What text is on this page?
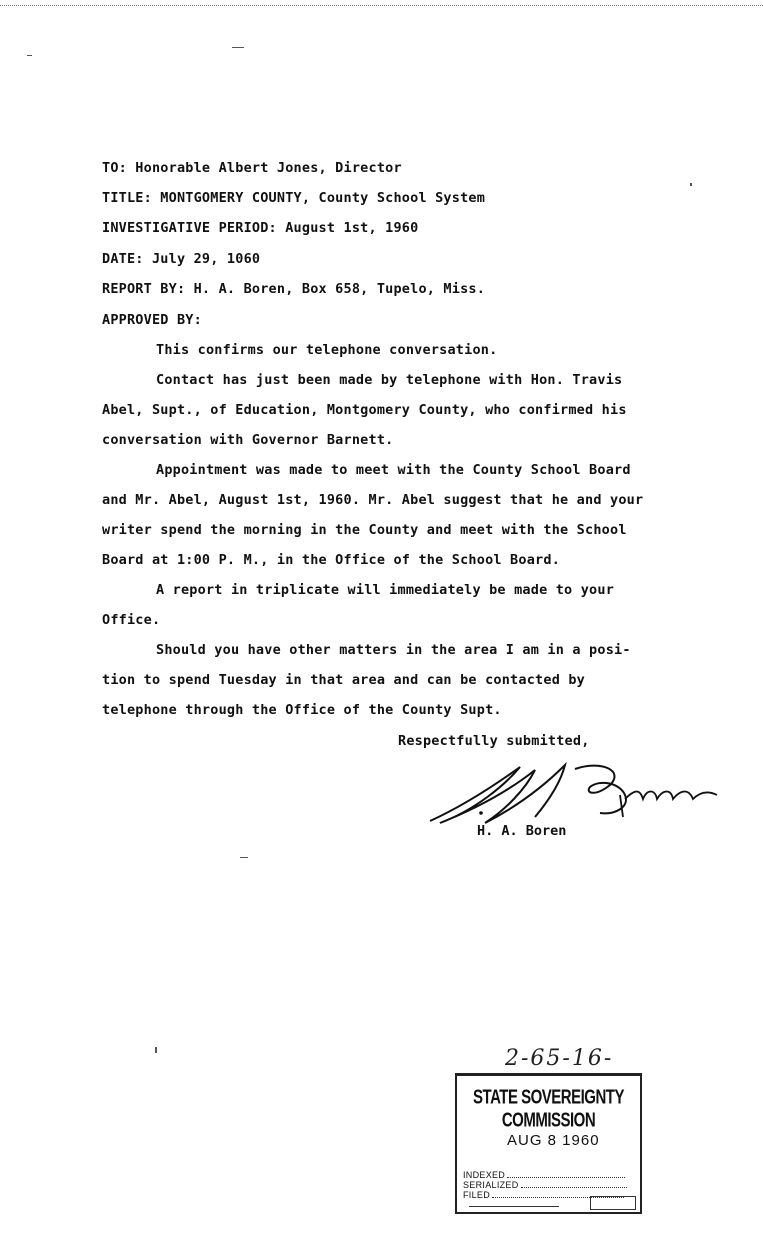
TO: Honorable Albert Jones, Director
TITLE: MONTGOMERY COUNTY, County School System
INVESTIGATIVE PERIOD: August 1st, 1960
DATE: July 29, 1060
REPORT BY: H. A. Boren, Box 658, Tupelo, Miss.
APPROVED BY:
This confirms our telephone conversation.
Contact has just been made by telephone with Hon. Travis
Abel, Supt., of Education, Montgomery County, who confirmed his
conversation with Governor Barnett.
Appointment was made to meet with the County School Board
and Mr. Abel, August 1st, 1960. Mr. Abel suggest that he and your
writer spend the morning in the County and meet with the School
Board at 1:00 P. M., in the Office of the School Board.
A report in triplicate will immediately be made to your
Office.
Should you have other matters in the area I am in a posi-
tion to spend Tuesday in that area and can be contacted by
telephone through the Office of the County Supt.
Respectfully submitted,
H. A. Boren
2-65-16-
STATE SOVEREIGNTY COMMISSION
AUG 8 1960
INDEXED
SERIALIZED
FILED
